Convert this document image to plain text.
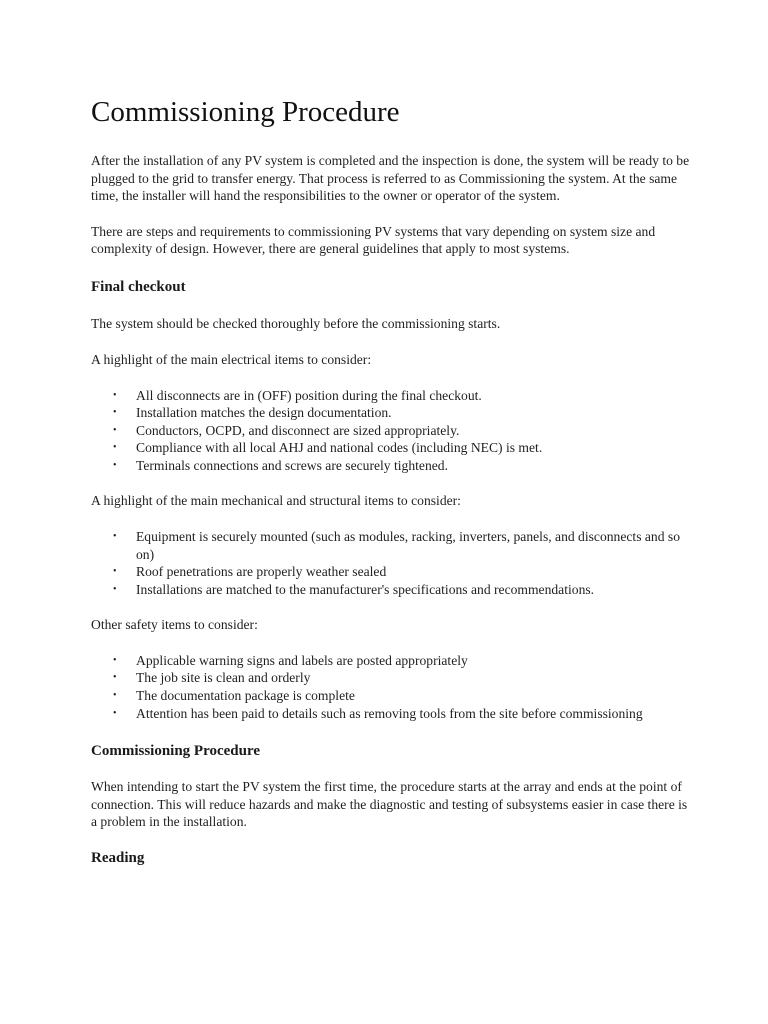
Commissioning Procedure

After the installation of any PV system is completed and the inspection is done, the system will be ready to be plugged to the grid to transfer energy. That process is referred to as Commissioning the system. At the same time, the installer will hand the responsibilities to the owner or operator of the system.

There are steps and requirements to commissioning PV systems that vary depending on system size and complexity of design. However, there are general guidelines that apply to most systems.

Final checkout

The system should be checked thoroughly before the commissioning starts.

A highlight of the main electrical items to consider:

• All disconnects are in (OFF) position during the final checkout.
• Installation matches the design documentation.
• Conductors, OCPD, and disconnect are sized appropriately.
• Compliance with all local AHJ and national codes (including NEC) is met.
• Terminals connections and screws are securely tightened.

A highlight of the main mechanical and structural items to consider:

• Equipment is securely mounted (such as modules, racking, inverters, panels, and disconnects and so on)
• Roof penetrations are properly weather sealed
• Installations are matched to the manufacturer's specifications and recommendations.

Other safety items to consider:

• Applicable warning signs and labels are posted appropriately
• The job site is clean and orderly
• The documentation package is complete
• Attention has been paid to details such as removing tools from the site before commissioning
Commissioning Procedure

When intending to start the PV system the first time, the procedure starts at the array and ends at the point of connection. This will reduce hazards and make the diagnostic and testing of subsystems easier in case there is a problem in the installation.

Reading
